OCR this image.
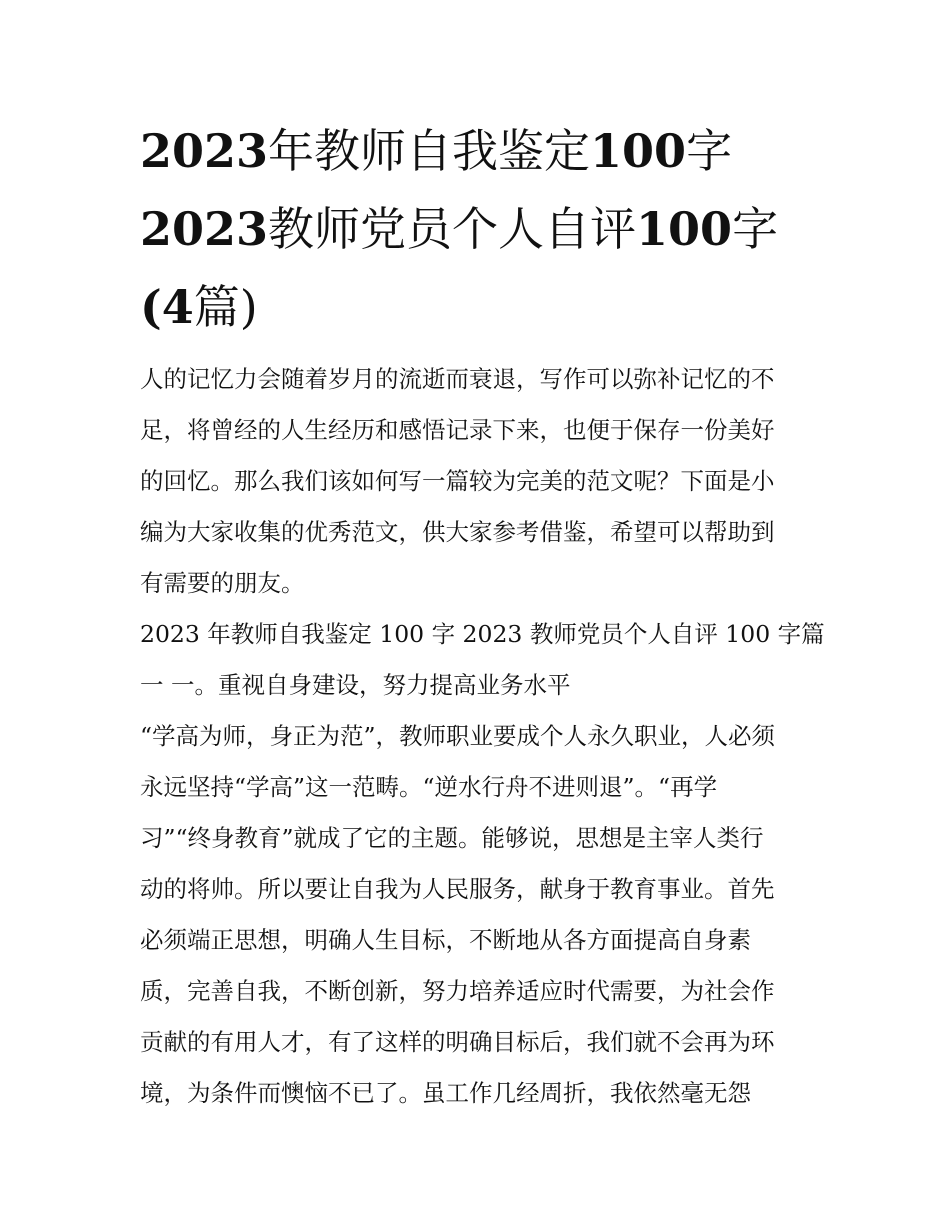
2023年教师自我鉴定100字
2023教师党员个人自评100字
(4篇)
人的记忆力会随着岁月的流逝而衰退，写作可以弥补记忆的不
足，将曾经的人生经历和感悟记录下来，也便于保存一份美好
的回忆。那么我们该如何写一篇较为完美的范文呢？下面是小
编为大家收集的优秀范文，供大家参考借鉴，希望可以帮助到
有需要的朋友。
2023 年教师自我鉴定 100 字 2023 教师党员个人自评 100 字篇
一 一。重视自身建设，努力提高业务水平
“学高为师，身正为范”，教师职业要成个人永久职业，人必须
永远坚持“学高”这一范畴。“逆水行舟不进则退”。“再学
习”“终身教育”就成了它的主题。能够说，思想是主宰人类行
动的将帅。所以要让自我为人民服务，献身于教育事业。首先
必须端正思想，明确人生目标，不断地从各方面提高自身素
质，完善自我，不断创新，努力培养适应时代需要，为社会作
贡献的有用人才，有了这样的明确目标后，我们就不会再为环
境，为条件而懊恼不已了。虽工作几经周折，我依然毫无怨
